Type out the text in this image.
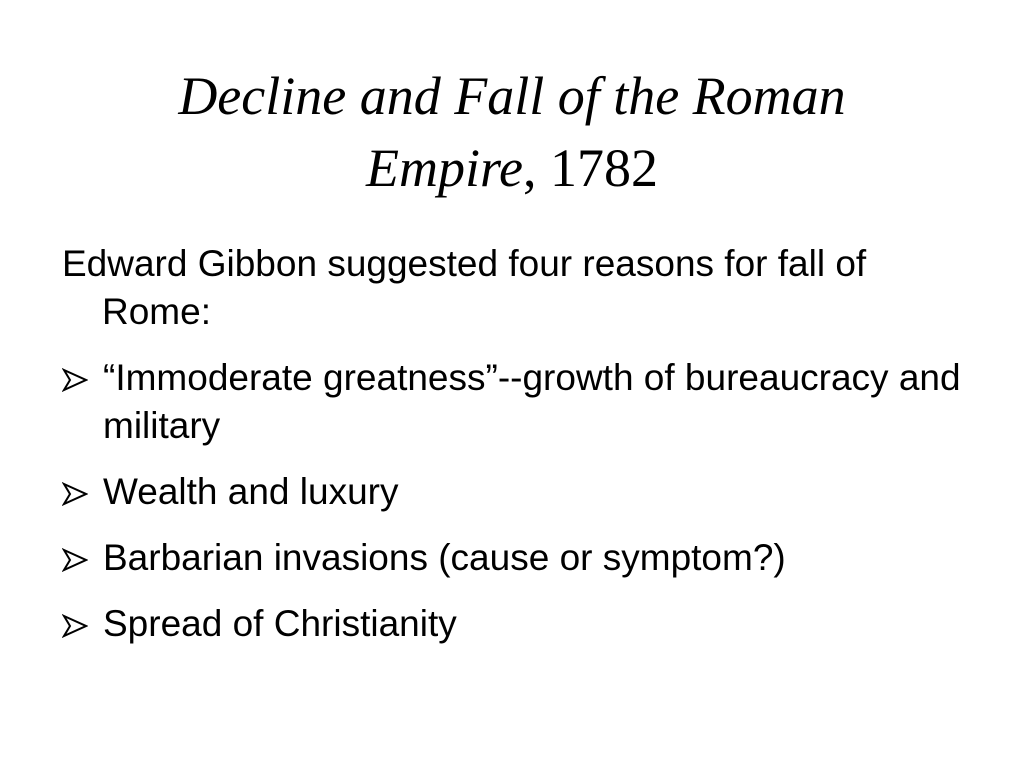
Decline and Fall of the Roman
Empire, 1782

Edward Gibbon suggested four reasons for fall of Rome:

“Immoderate greatness”--growth of bureaucracy and military
Wealth and luxury
Barbarian invasions (cause or symptom?)
Spread of Christianity
